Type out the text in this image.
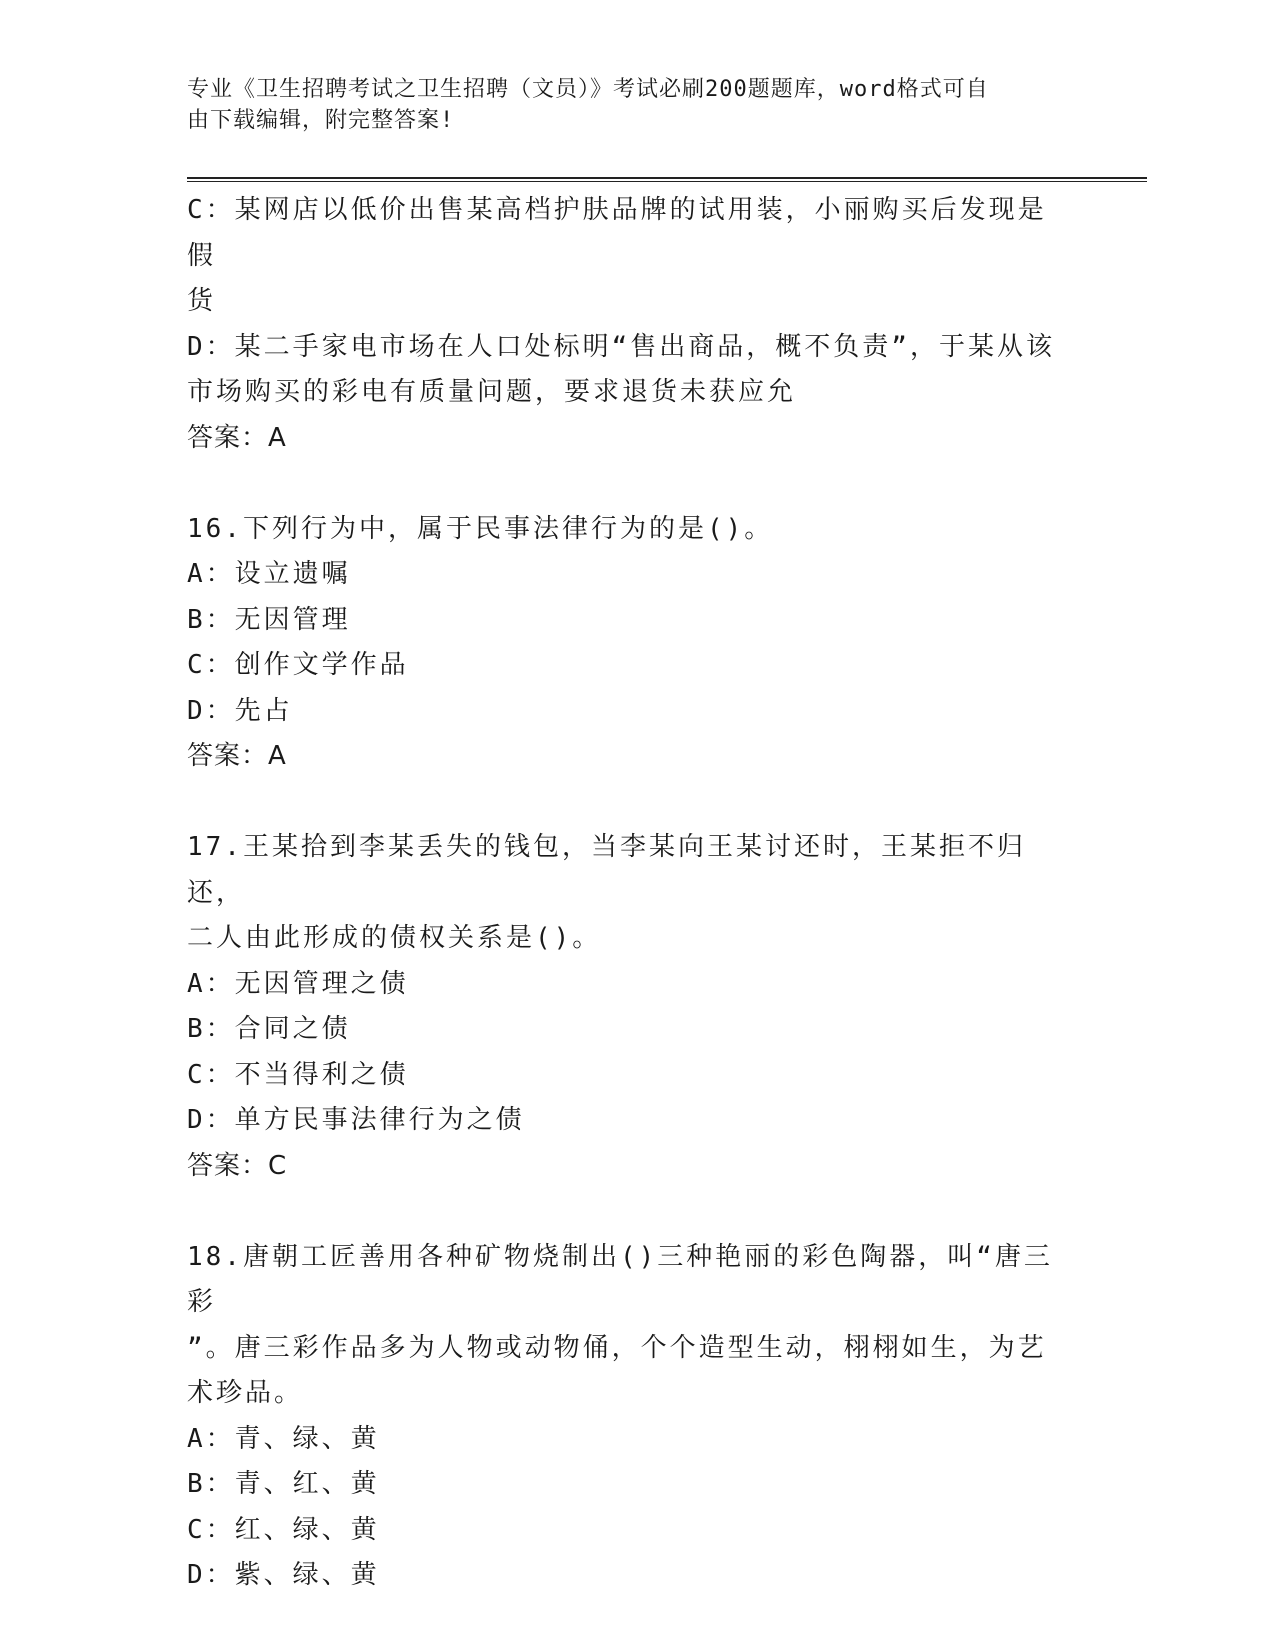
专业《卫生招聘考试之卫生招聘（文员）》考试必刷200题题库，word格式可自
由下载编辑，附完整答案!
C：某网店以低价出售某高档护肤品牌的试用装，小丽购买后发现是假
货
D：某二手家电市场在人口处标明“售出商品，概不负责”，于某从该
市场购买的彩电有质量问题，要求退货未获应允
答案：A
16.下列行为中，属于民事法律行为的是()。
A：设立遗嘱
B：无因管理
C：创作文学作品
D：先占
答案：A
17.王某拾到李某丢失的钱包，当李某向王某讨还时，王某拒不归还，
二人由此形成的债权关系是()。
A：无因管理之债
B：合同之债
C：不当得利之债
D：单方民事法律行为之债
答案：C
18.唐朝工匠善用各种矿物烧制出()三种艳丽的彩色陶器，叫“唐三彩
”。唐三彩作品多为人物或动物俑，个个造型生动，栩栩如生，为艺
术珍品。
A：青、绿、黄
B：青、红、黄
C：红、绿、黄
D：紫、绿、黄
